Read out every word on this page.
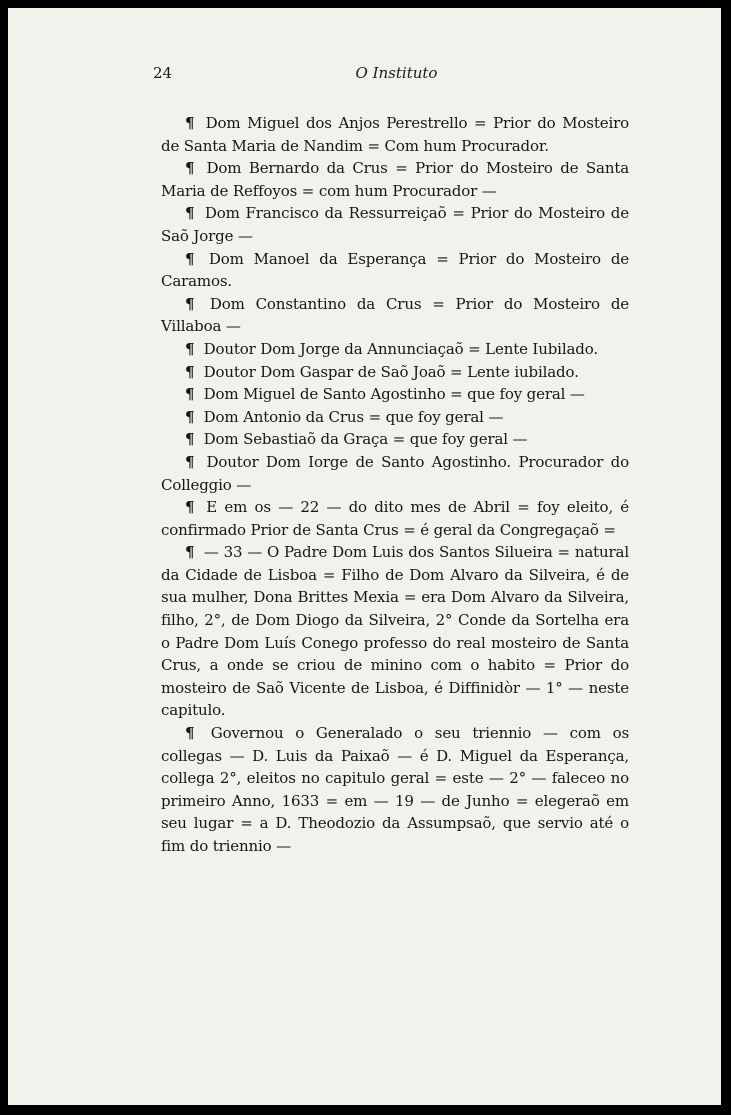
24	O Instituto

¶ Dom Miguel dos Anjos Perestrello = Prior do Mosteiro de Santa Maria de Nandim = Com hum Procurador.

¶ Dom Bernardo da Crus = Prior do Mosteiro de Santa Maria de Reffoyos = com hum Procurador —

¶ Dom Francisco da Ressurreiçaõ = Prior do Mosteiro de Saõ Jorge —

¶ Dom Manoel da Esperança = Prior do Mosteiro de Caramos.

¶ Dom Constantino da Crus = Prior do Mosteiro de Villaboa —

¶ Doutor Dom Jorge da Annunciaçaõ = Lente Iubilado.

¶ Doutor Dom Gaspar de Saõ Joaõ = Lente iubilado.

¶ Dom Miguel de Santo Agostinho = que foy geral —

¶ Dom Antonio da Crus = que foy geral —

¶ Dom Sebastiaõ da Graça = que foy geral —

¶ Doutor Dom Iorge de Santo Agostinho. Procurador do Colleggio —

¶ E em os — 22 — do dito mes de Abril = foy eleito, é confirmado Prior de Santa Crus = é geral da Congregaçaõ =

¶ — 33 — O Padre Dom Luis dos Santos Silueira = natural da Cidade de Lisboa = Filho de Dom Alvaro da Silveira, é de sua mulher, Dona Brittes Mexia = era Dom Alvaro da Silveira, filho, 2°, de Dom Diogo da Silveira, 2° Conde da Sortelha era o Padre Dom Luís Conego professo do real mosteiro de Santa Crus, a onde se criou de minino com o habito = Prior do mosteiro de Saõ Vicente de Lisboa, é Diffinidòr — 1° — neste capitulo.

¶ Governou o Generalado o seu triennio — com os collegas — D. Luis da Paixaõ — é D. Miguel da Esperança, collega 2°, eleitos no capitulo geral = este — 2° — faleceo no primeiro Anno, 1633 = em — 19 — de Junho = elegeraõ em seu lugar = a D. Theodozio da Assumpsaõ, que servio até o fim do triennio —
